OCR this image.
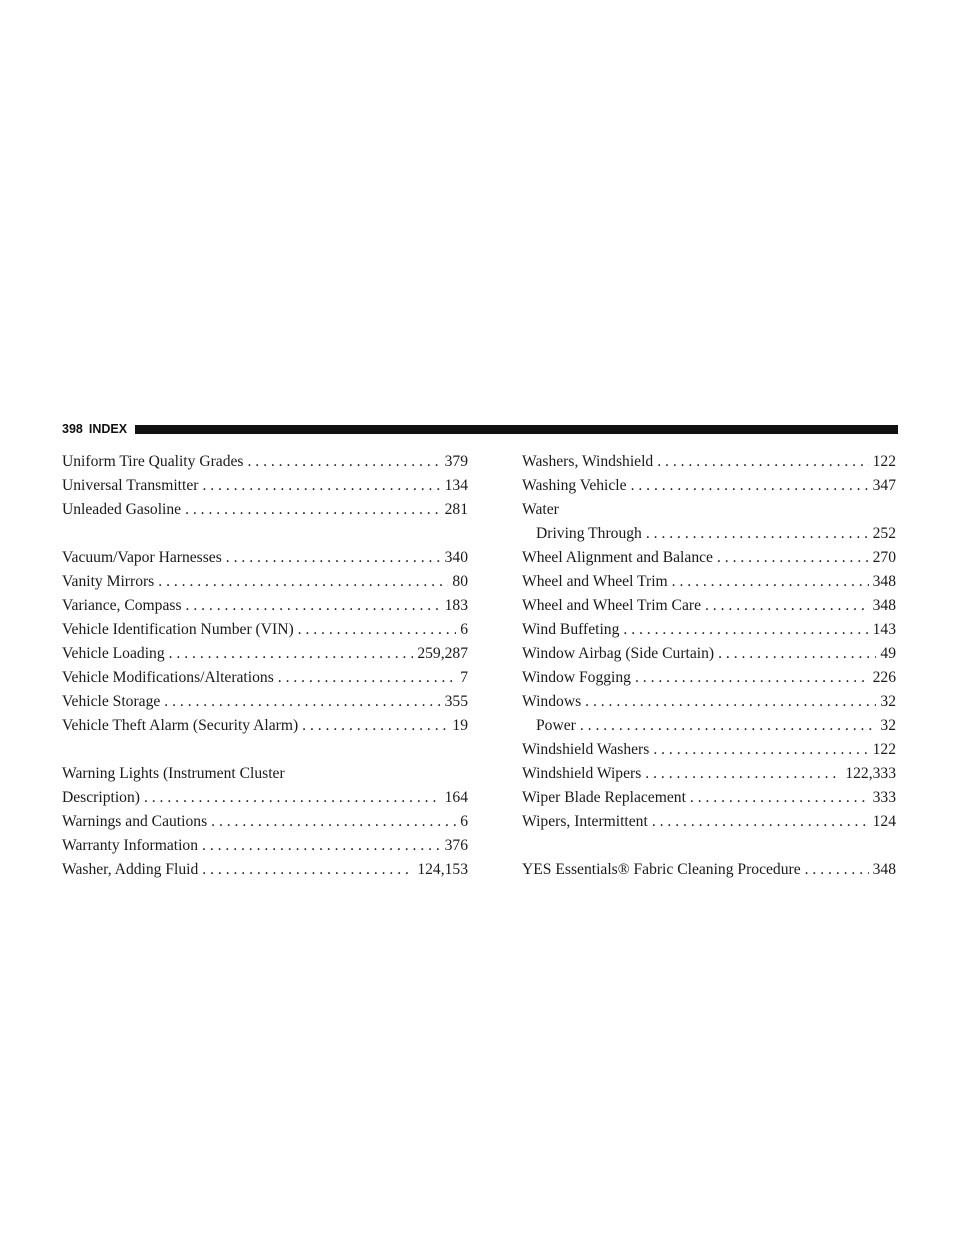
398 INDEX
Uniform Tire Quality Grades . . .	379
Universal Transmitter . . .	134
Unleaded Gasoline . . .	281
Vacuum/Vapor Harnesses . . .	340
Vanity Mirrors . . .	80
Variance, Compass . . .	183
Vehicle Identification Number (VIN) . . .	6
Vehicle Loading . . .	259,287
Vehicle Modifications/Alterations . . .	7
Vehicle Storage . . .	355
Vehicle Theft Alarm (Security Alarm) . . .	19
Warning Lights (Instrument Cluster
Description) . . .	164
Warnings and Cautions . . .	6
Warranty Information . . .	376
Washer, Adding Fluid . . .	124,153
Washers, Windshield . . .	122
Washing Vehicle . . .	347
Water
Driving Through . . .	252
Wheel Alignment and Balance . . .	270
Wheel and Wheel Trim . . .	348
Wheel and Wheel Trim Care . . .	348
Wind Buffeting . . .	143
Window Airbag (Side Curtain) . . .	49
Window Fogging . . .	226
Windows . . .	32
Power . . .	32
Windshield Washers . . .	122
Windshield Wipers . . .	122,333
Wiper Blade Replacement . . .	333
Wipers, Intermittent . . .	124
YES Essentials® Fabric Cleaning Procedure . . .	348
